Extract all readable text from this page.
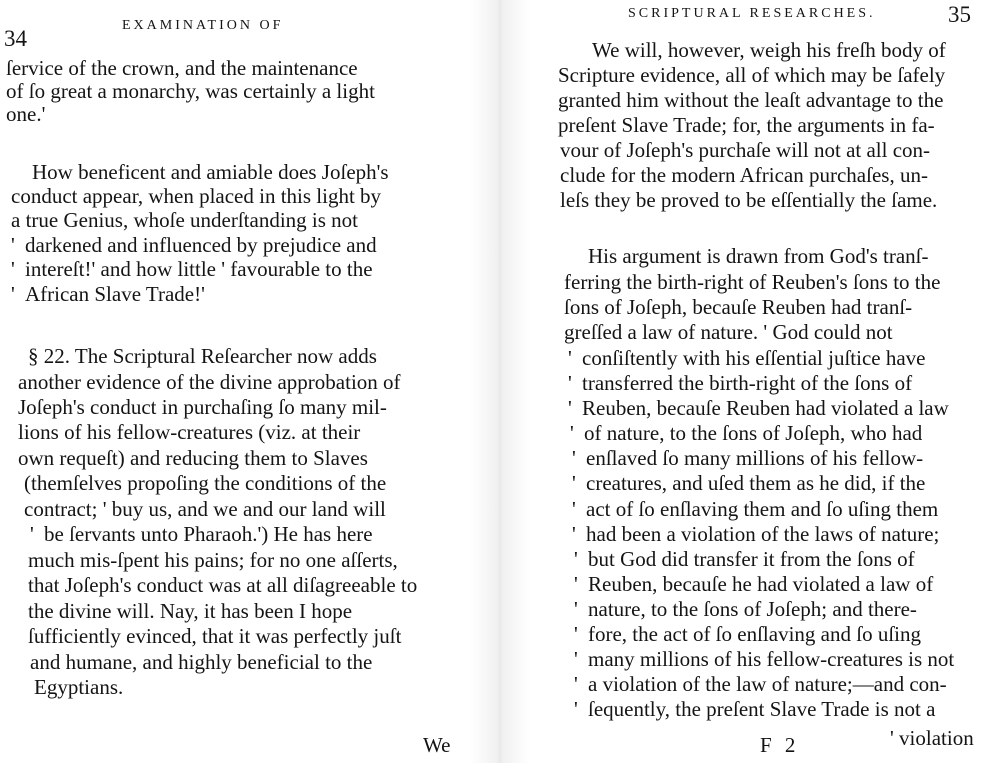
34
EXAMINATION OF
ſervice of the crown, and the maintenance
of ſo great a monarchy, was certainly a light
one.'
How beneficent and amiable does Joſeph's
conduct appear, when placed in this light by
a true Genius, whoſe underſtanding is not
' darkened and influenced by prejudice and
' intereſt!' and how little ' favourable to the
' African Slave Trade!'
§ 22. The Scriptural Reſearcher now adds
another evidence of the divine approbation of
Joſeph's conduct in purchaſing ſo many mil-
lions of his fellow-creatures (viz. at their
own requeſt) and reducing them to Slaves
(themſelves propoſing the conditions of the
contract; ' buy us, and we and our land will
' be ſervants unto Pharaoh.') He has here
much mis-ſpent his pains; for no one aſſerts,
that Joſeph's conduct was at all diſagreeable to
the divine will. Nay, it has been I hope
ſufficiently evinced, that it was perfectly juſt
and humane, and highly beneficial to the
Egyptians.
We
SCRIPTURAL RESEARCHES.	35
We will, however, weigh his freſh body of
Scripture evidence, all of which may be ſafely
granted him without the leaſt advantage to the
preſent Slave Trade; for, the arguments in fa-
vour of Joſeph's purchaſe will not at all con-
clude for the modern African purchaſes, un-
leſs they be proved to be eſſentially the ſame.
His argument is drawn from God's tranſ-
ferring the birth-right of Reuben's ſons to the
ſons of Joſeph, becauſe Reuben had tranſ-
greſſed a law of nature. ' God could not
' conſiſtently with his eſſential juſtice have
' transferred the birth-right of the ſons of
' Reuben, becauſe Reuben had violated a law
' of nature, to the ſons of Joſeph, who had
' enſlaved ſo many millions of his fellow-
' creatures, and uſed them as he did, if the
' act of ſo enſlaving them and ſo uſing them
' had been a violation of the laws of nature;
' but God did transfer it from the ſons of
' Reuben, becauſe he had violated a law of
' nature, to the ſons of Joſeph; and there-
' fore, the act of ſo enſlaving and ſo uſing
' many millions of his fellow-creatures is not
' a violation of the law of nature;—and con-
' ſequently, the preſent Slave Trade is not a
F 2	' violation
